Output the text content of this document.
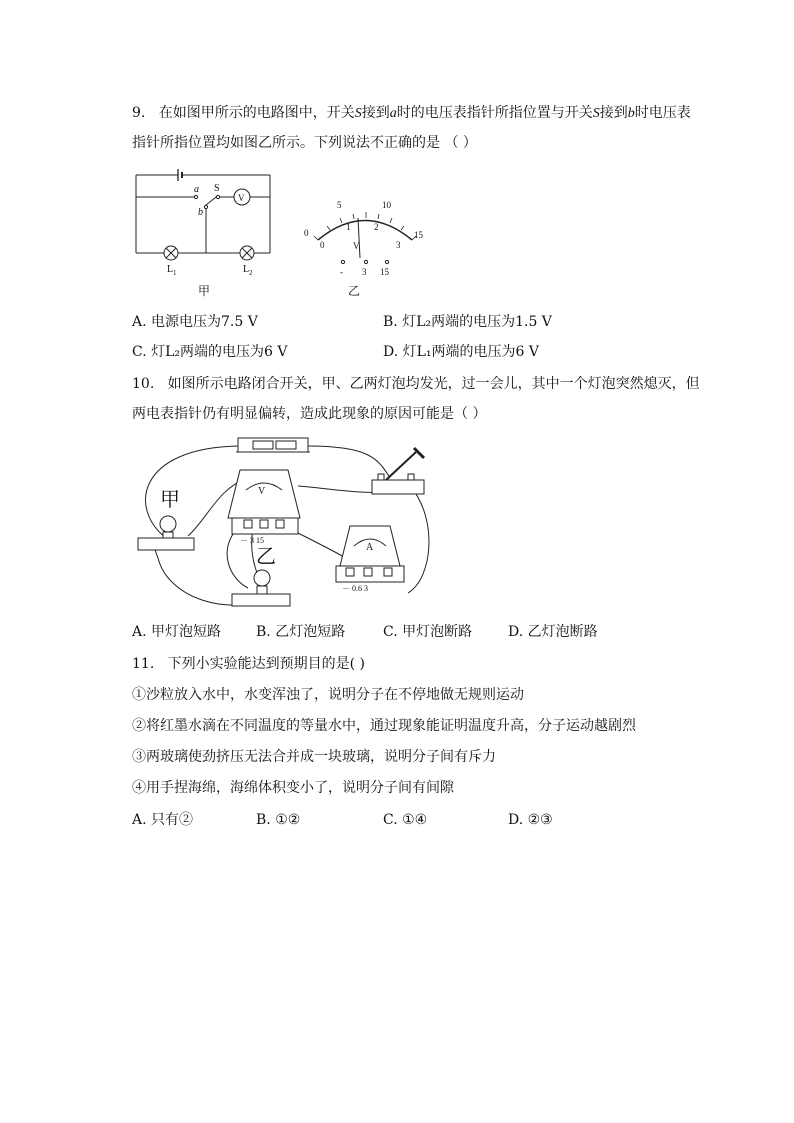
9. 在如图甲所示的电路图中，开关S接到a时的电压表指针所指位置与开关S接到b时电压表
指针所指位置均如图乙所示。下列说法不正确的是 （ ）
a S
b
V
L 1	L 2
甲
0
5	10
15
0
1	2
3
V
- 3 15
乙
A. 电源电压为7.5 V	B. 灯L₂两端的电压为1.5 V
C. 灯L₂两端的电压为6 V	D. 灯L₁两端的电压为6 V
10. 如图所示电路闭合开关，甲、乙两灯泡均发光，过一会儿，其中一个灯泡突然熄灭，但
两电表指针仍有明显偏转，造成此现象的原因可能是（ ）
甲
乙
V
－ 3 15
A
－ 0.6 3
A. 甲灯泡短路 B. 乙灯泡短路	C. 甲灯泡断路	D. 乙灯泡断路
11. 下列小实验能达到预期目的是( )
①沙粒放入水中，水变浑浊了，说明分子在不停地做无规则运动
②将红墨水滴在不同温度的等量水中，通过现象能证明温度升高，分子运动越剧烈
③两玻璃使劲挤压无法合并成一块玻璃，说明分子间有斥力
④用手捏海绵，海绵体积变小了，说明分子间有间隙
A. 只有②	B. ①②	C. ①④	D. ②③
